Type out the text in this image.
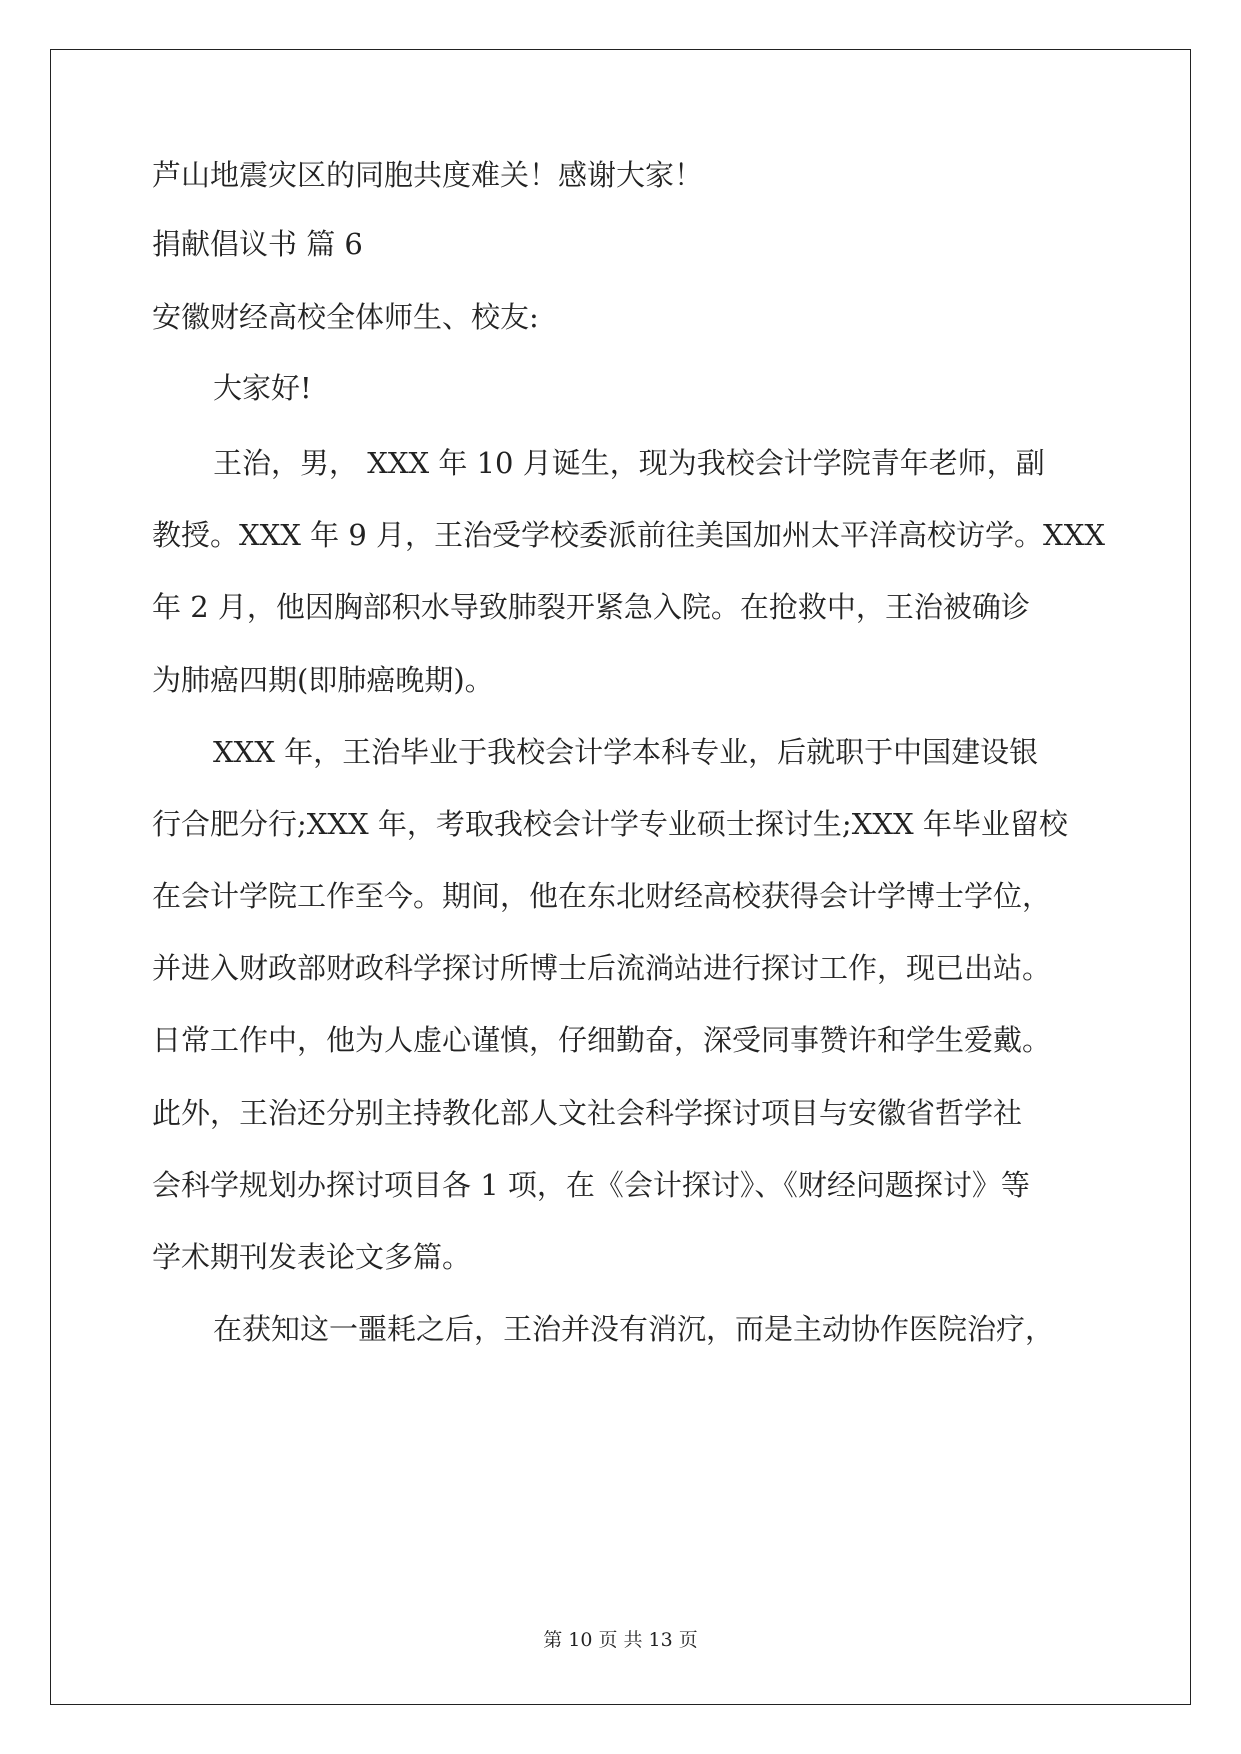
芦山地震灾区的同胞共度难关！感谢大家！

捐献倡议书 篇 6

安徽财经高校全体师生、校友:

大家好!

王治，男， XXX 年 10 月诞生，现为我校会计学院青年老师，副

教授。XXX 年 9 月，王治受学校委派前往美国加州太平洋高校访学。XXX

年 2 月，他因胸部积水导致肺裂开紧急入院。在抢救中，王治被确诊

为肺癌四期(即肺癌晚期)。

XXX 年，王治毕业于我校会计学本科专业，后就职于中国建设银

行合肥分行;XXX 年，考取我校会计学专业硕士探讨生;XXX 年毕业留校

在会计学院工作至今。期间，他在东北财经高校获得会计学博士学位，

并进入财政部财政科学探讨所博士后流淌站进行探讨工作，现已出站。

日常工作中，他为人虚心谨慎，仔细勤奋，深受同事赞许和学生爱戴。

此外，王治还分别主持教化部人文社会科学探讨项目与安徽省哲学社

会科学规划办探讨项目各 1 项，在《会计探讨》、《财经问题探讨》等

学术期刊发表论文多篇。

在获知这一噩耗之后，王治并没有消沉，而是主动协作医院治疗，

第 10 页 共 13 页
